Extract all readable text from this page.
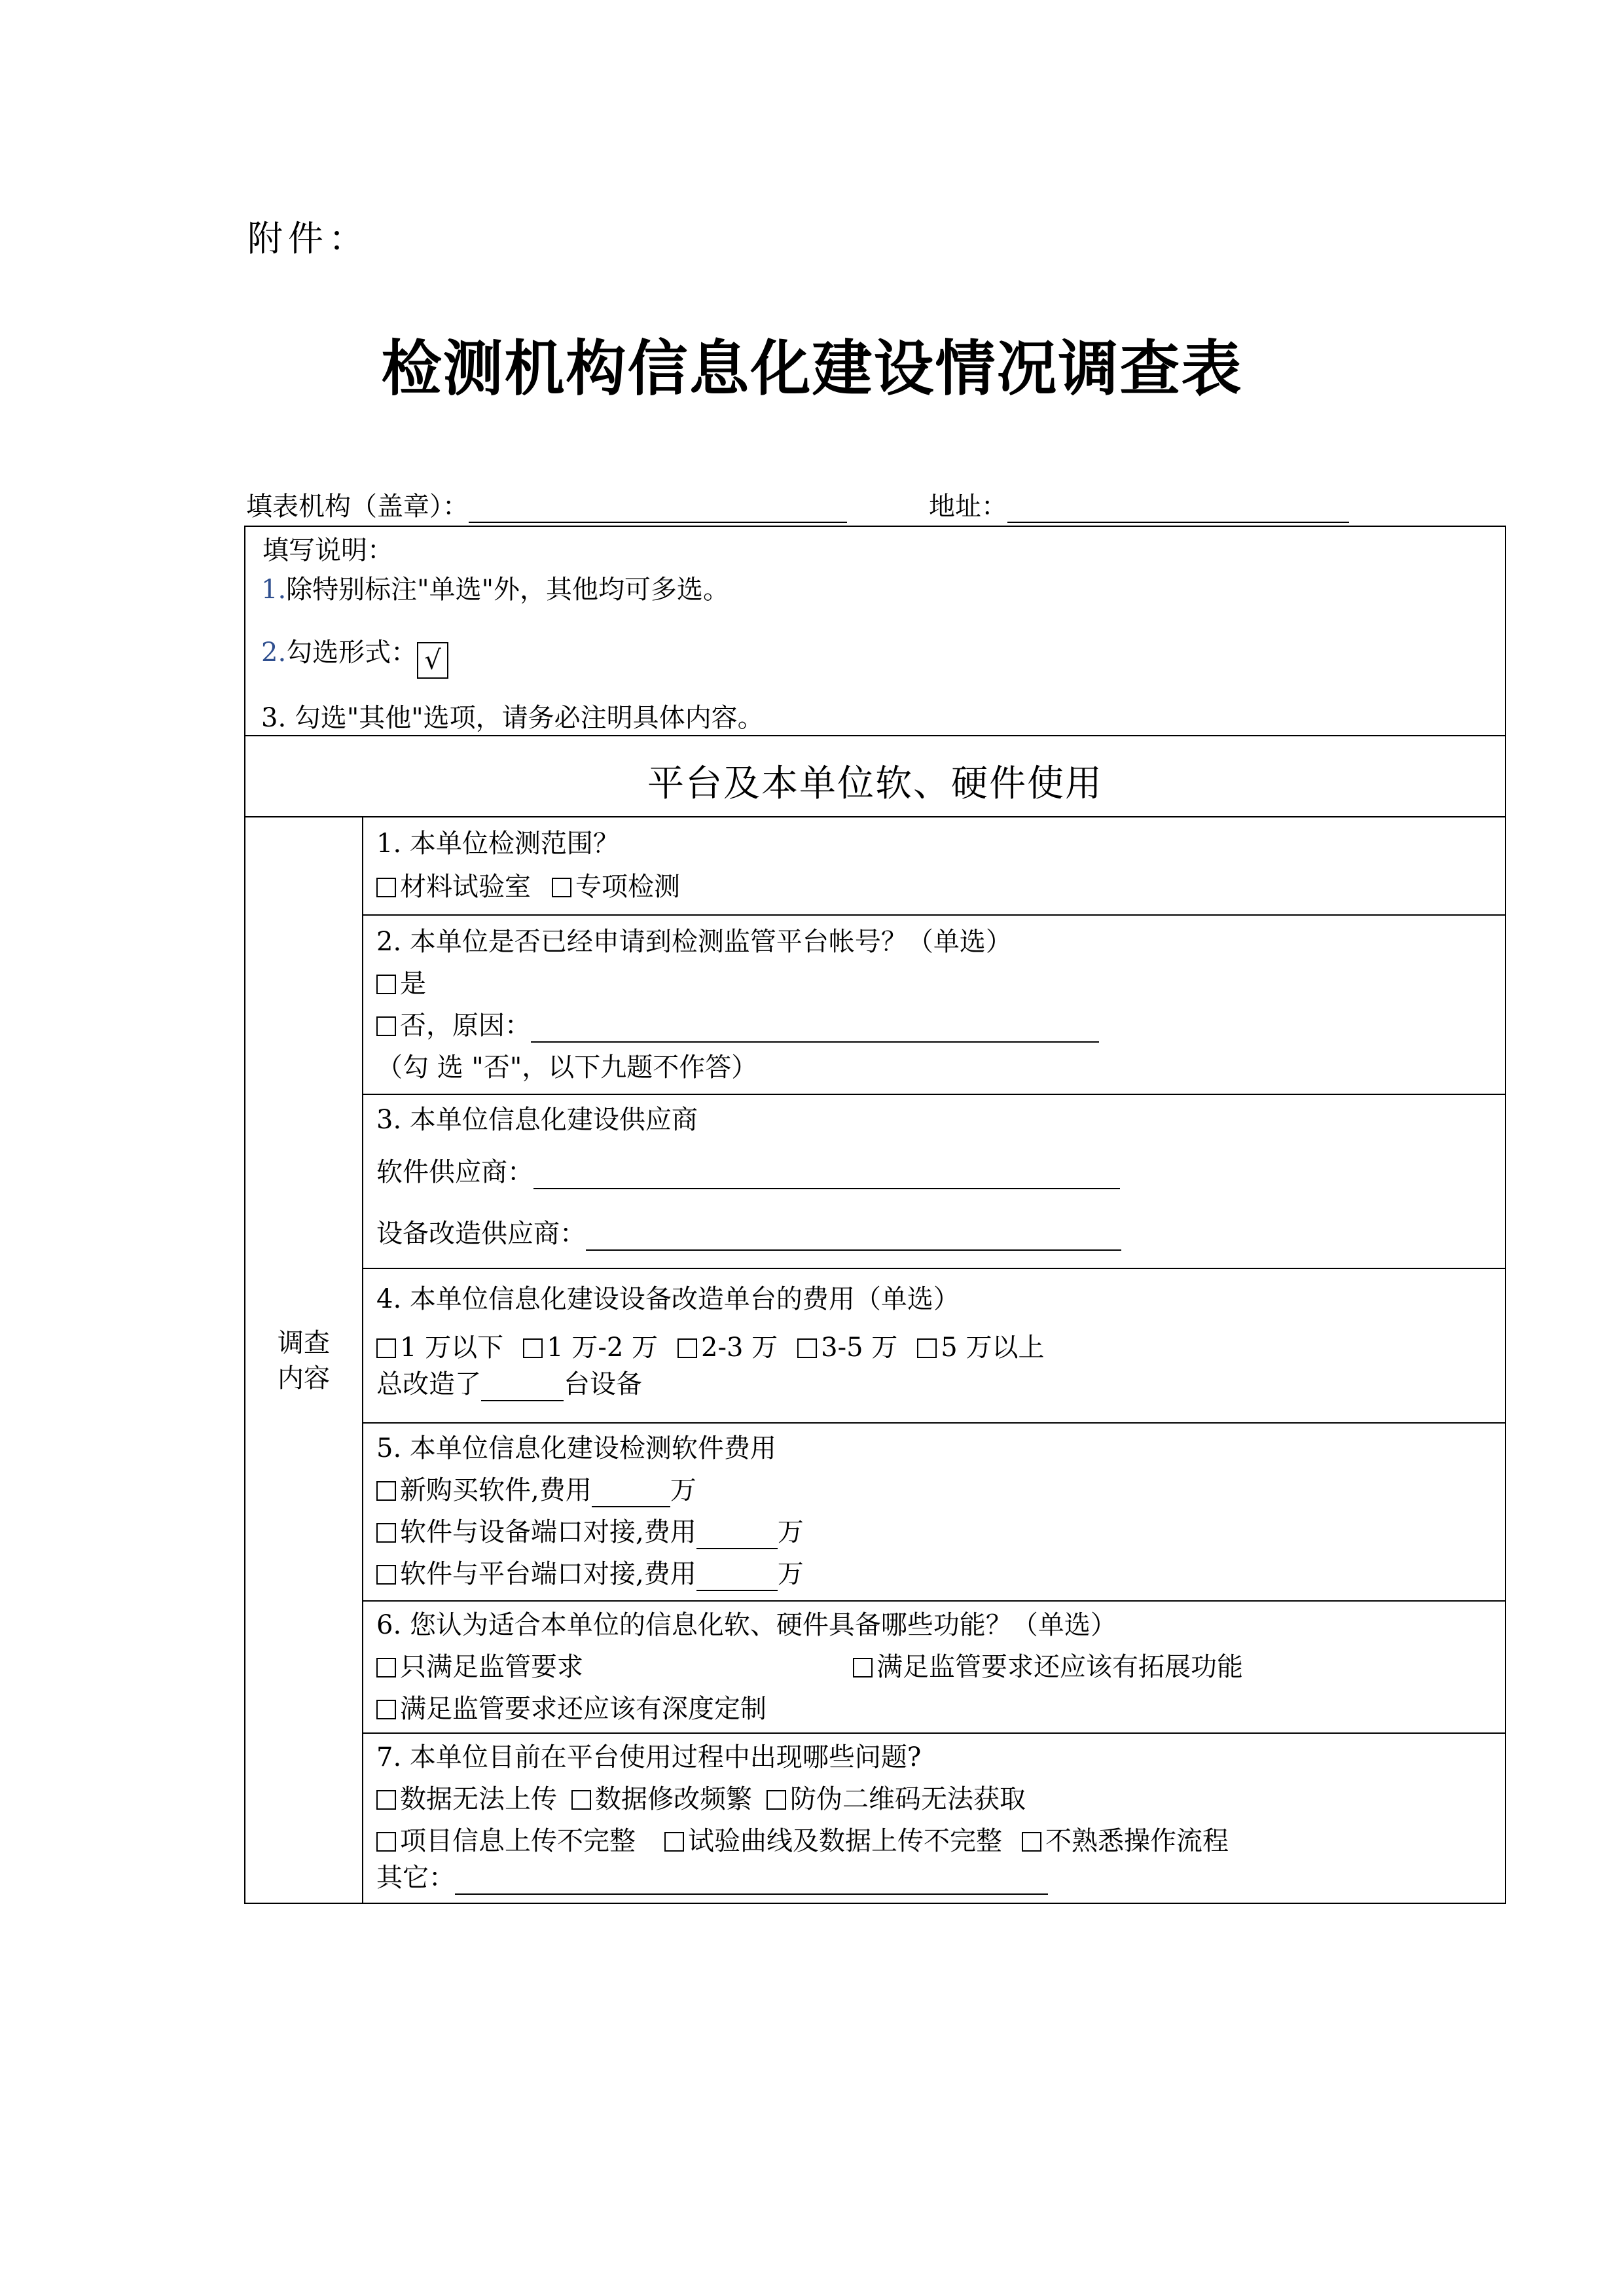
附件：
检测机构信息化建设情况调查表
填表机构（盖章）：	地址：
填写说明：
1.除特别标注"单选"外，其他均可多选。
2.勾选形式： √
3. 勾选"其他"选项，请务必注明具体内容。
平台及本单位软、硬件使用
调查
内容
1. 本单位检测范围？
材料试验室 专项检测
2. 本单位是否已经申请到检测监管平台帐号？（单选）
是
否，原因：
（勾 选 "否"，以下九题不作答）
3. 本单位信息化建设供应商
软件供应商：
设备改造供应商：
4. 本单位信息化建设设备改造单台的费用（单选）
1 万以下 1 万-2 万 2-3 万 3-5 万 5 万以上
总改造了	台设备
5. 本单位信息化建设检测软件费用
新购买软件,费用	万
软件与设备端口对接,费用	万
软件与平台端口对接,费用	万
6. 您认为适合本单位的信息化软、硬件具备哪些功能？（单选）
只满足监管要求	满足监管要求还应该有拓展功能
满足监管要求还应该有深度定制
7. 本单位目前在平台使用过程中出现哪些问题?
数据无法上传 数据修改频繁 防伪二维码无法获取
项目信息上传不完整 试验曲线及数据上传不完整 不熟悉操作流程
其它：
